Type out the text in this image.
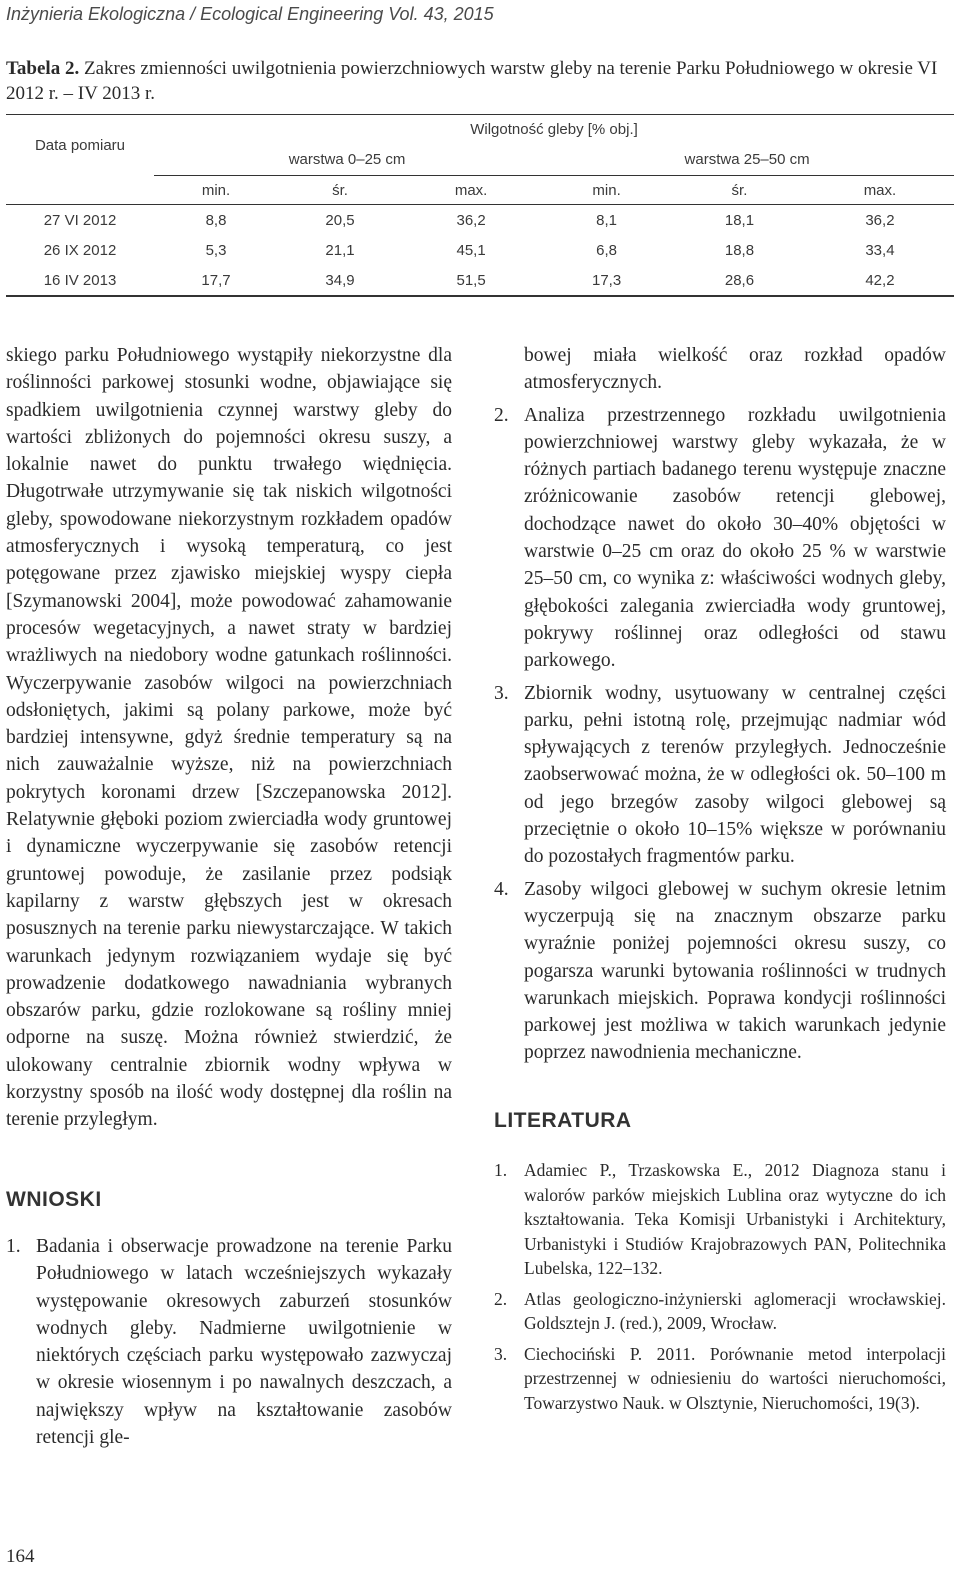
Inżynieria Ekologiczna / Ecological Engineering Vol. 43, 2015
Tabela 2. Zakres zmienności uwilgotnienia powierzchniowych warstw gleby na terenie Parku Południowego w okresie VI 2012 r. – IV 2013 r.
Data pomiaru	Wilgotność gleby [% obj.]					
	warstwa 0–25 cm			warstwa 25–50 cm		
	min.	śr.	max.	min.	śr.	max.
27 VI 2012	8,8	20,5	36,2	8,1	18,1	36,2
26 IX 2012	5,3	21,1	45,1	6,8	18,8	33,4
16 IV 2013	17,7	34,9	51,5	17,3	28,6	42,2

skiego parku Południowego wystąpiły niekorzystne dla roślinności parkowej stosunki wodne, objawiające się spadkiem uwilgotnienia czynnej warstwy gleby do wartości zbliżonych do pojemności okresu suszy, a lokalnie nawet do punktu trwałego więdnięcia. Długotrwałe utrzymywanie się tak niskich wilgotności gleby, spowodowane niekorzystnym rozkładem opadów atmosferycznych i wysoką temperaturą, co jest potęgowane przez zjawisko miejskiej wyspy ciepła [Szymanowski 2004], może powodować zahamowanie procesów wegetacyjnych, a nawet straty w bardziej wrażliwych na niedobory wodne gatunkach roślinności. Wyczerpywanie zasobów wilgoci na powierzchniach odsłoniętych, jakimi są polany parkowe, może być bardziej intensywne, gdyż średnie temperatury są na nich zauważalnie wyższe, niż na powierzchniach pokrytych koronami drzew [Szczepanowska 2012]. Relatywnie głęboki poziom zwierciadła wody gruntowej i dynamiczne wyczerpywanie się zasobów retencji gruntowej powoduje, że zasilanie przez podsiąk kapilarny z warstw głębszych jest w okresach posusznych na terenie parku niewystarczające. W takich warunkach jedynym rozwiązaniem wydaje się być prowadzenie dodatkowego nawadniania wybranych obszarów parku, gdzie rozlokowane są rośliny mniej odporne na suszę. Można również stwierdzić, że ulokowany centralnie zbiornik wodny wpływa w korzystny sposób na ilość wody dostępnej dla roślin na terenie przyległym.

WNIOSKI
1. Badania i obserwacje prowadzone na terenie Parku Południowego w latach wcześniejszych wykazały występowanie okresowych zaburzeń stosunków wodnych gleby. Nadmierne uwilgotnienie w niektórych częściach parku występowało zazwyczaj w okresie wiosennym i po nawalnych deszczach, a największy wpływ na kształtowanie zasobów retencji gle-
bowej miała wielkość oraz rozkład opadów atmosferycznych.
2. Analiza przestrzennego rozkładu uwilgotnienia powierzchniowej warstwy gleby wykazała, że w różnych partiach badanego terenu występuje znaczne zróżnicowanie zasobów retencji glebowej, dochodzące nawet do około 30–40% objętości w warstwie 0–25 cm oraz do około 25 % w warstwie 25–50 cm, co wynika z: właściwości wodnych gleby, głębokości zalegania zwierciadła wody gruntowej, pokrywy roślinnej oraz odległości od stawu parkowego.
3. Zbiornik wodny, usytuowany w centralnej części parku, pełni istotną rolę, przejmując nadmiar wód spływających z terenów przyległych. Jednocześnie zaobserwować można, że w odległości ok. 50–100 m od jego brzegów zasoby wilgoci glebowej są przeciętnie o około 10–15% większe w porównaniu do pozostałych fragmentów parku.
4. Zasoby wilgoci glebowej w suchym okresie letnim wyczerpują się na znacznym obszarze parku wyraźnie poniżej pojemności okresu suszy, co pogarsza warunki bytowania roślinności w trudnych warunkach miejskich. Poprawa kondycji roślinności parkowej jest możliwa w takich warunkach jedynie poprzez nawodnienia mechaniczne.
LITERATURA
1. Adamiec P., Trzaskowska E., 2012 Diagnoza stanu i walorów parków miejskich Lublina oraz wytyczne do ich kształtowania. Teka Komisji Urbanistyki i Architektury, Urbanistyki i Studiów Krajobrazowych PAN, Politechnika Lubelska, 122–132.
2. Atlas geologiczno-inżynierski aglomeracji wrocławskiej. Goldsztejn J. (red.), 2009, Wrocław.
3. Ciechociński P. 2011. Porównanie metod interpolacji przestrzennej w odniesieniu do wartości nieruchomości, Towarzystwo Nauk. w Olsztynie, Nieruchomości, 19(3).
164
